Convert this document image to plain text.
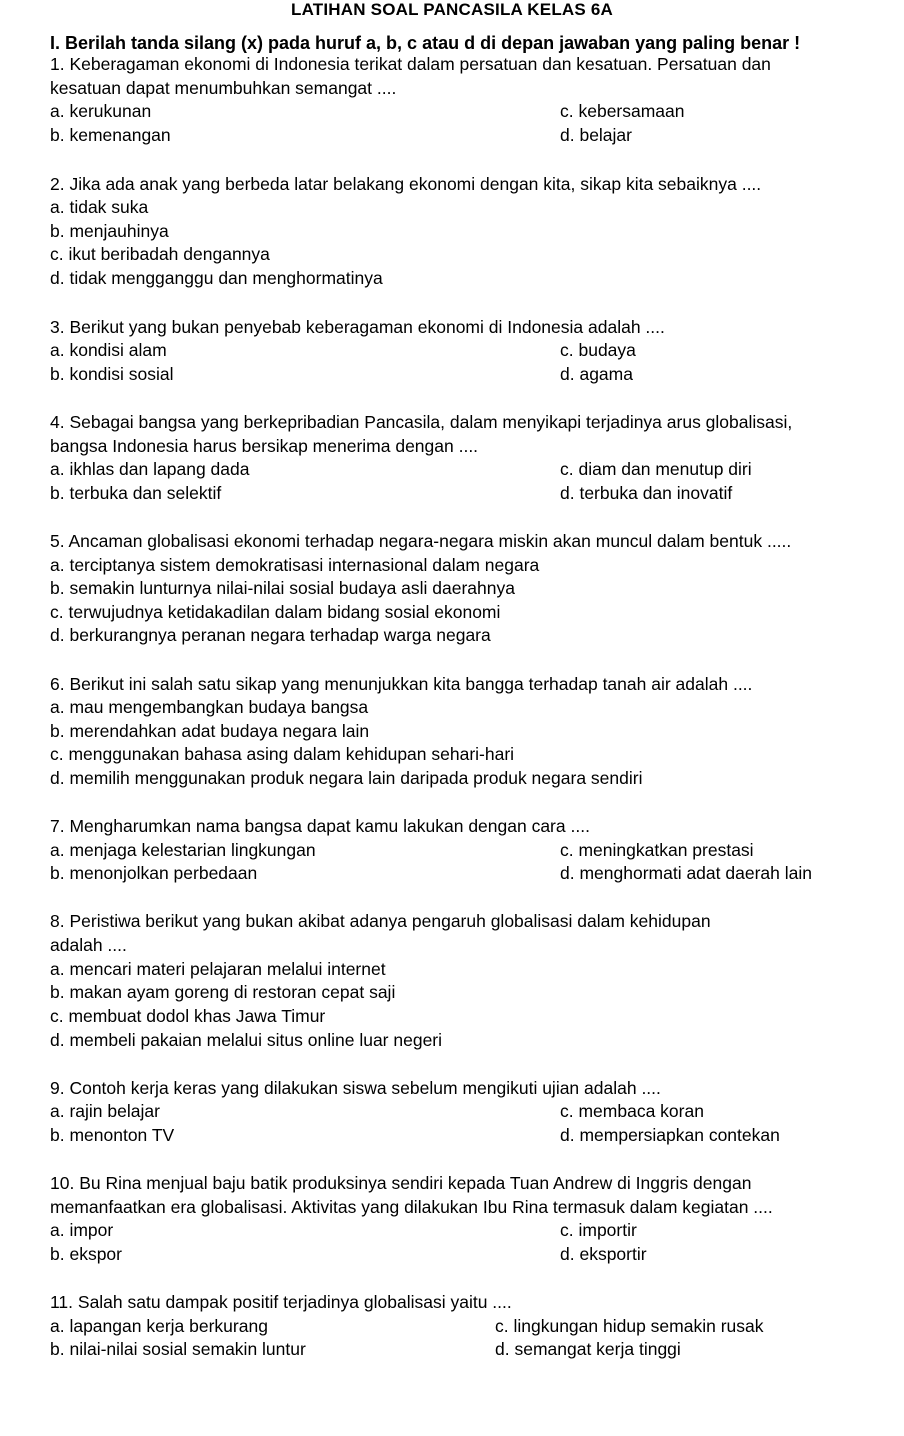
LATIHAN SOAL PANCASILA KELAS 6A
I. Berilah tanda silang (x) pada huruf a, b, c atau d di depan jawaban yang paling benar !
1. Keberagaman ekonomi di Indonesia terikat dalam persatuan dan kesatuan. Persatuan dan
kesatuan dapat menumbuhkan semangat ....
a. kerukunan
b. kemenangan
c. kebersamaan
d. belajar
2. Jika ada anak yang berbeda latar belakang ekonomi dengan kita, sikap kita sebaiknya ....
a. tidak suka
b. menjauhinya
c. ikut beribadah dengannya
d. tidak mengganggu dan menghormatinya
3. Berikut yang bukan penyebab keberagaman ekonomi di Indonesia adalah ....
a. kondisi alam
b. kondisi sosial
c. budaya
d. agama
4. Sebagai bangsa yang berkepribadian Pancasila, dalam menyikapi terjadinya arus globalisasi,
bangsa Indonesia harus bersikap menerima dengan ....
a. ikhlas dan lapang dada
b. terbuka dan selektif
c. diam dan menutup diri
d. terbuka dan inovatif
5. Ancaman globalisasi ekonomi terhadap negara-negara miskin akan muncul dalam bentuk .....
a. terciptanya sistem demokratisasi internasional dalam negara
b. semakin lunturnya nilai-nilai sosial budaya asli daerahnya
c. terwujudnya ketidakadilan dalam bidang sosial ekonomi
d. berkurangnya peranan negara terhadap warga negara
6. Berikut ini salah satu sikap yang menunjukkan kita bangga terhadap tanah air adalah ....
a. mau mengembangkan budaya bangsa
b. merendahkan adat budaya negara lain
c. menggunakan bahasa asing dalam kehidupan sehari-hari
d. memilih menggunakan produk negara lain daripada produk negara sendiri
7. Mengharumkan nama bangsa dapat kamu lakukan dengan cara ....
a. menjaga kelestarian lingkungan
b. menonjolkan perbedaan
c. meningkatkan prestasi
d. menghormati adat daerah lain
8. Peristiwa berikut yang bukan akibat adanya pengaruh globalisasi dalam kehidupan
adalah ....
a. mencari materi pelajaran melalui internet
b. makan ayam goreng di restoran cepat saji
c. membuat dodol khas Jawa Timur
d. membeli pakaian melalui situs online luar negeri
9. Contoh kerja keras yang dilakukan siswa sebelum mengikuti ujian adalah ....
a. rajin belajar
b. menonton TV
c. membaca koran
d. mempersiapkan contekan
10. Bu Rina menjual baju batik produksinya sendiri kepada Tuan Andrew di Inggris dengan
memanfaatkan era globalisasi. Aktivitas yang dilakukan Ibu Rina termasuk dalam kegiatan ....
a. impor
b. ekspor
c. importir
d. eksportir
11. Salah satu dampak positif terjadinya globalisasi yaitu ....
a. lapangan kerja berkurang
b. nilai-nilai sosial semakin luntur
c. lingkungan hidup semakin rusak
d. semangat kerja tinggi
